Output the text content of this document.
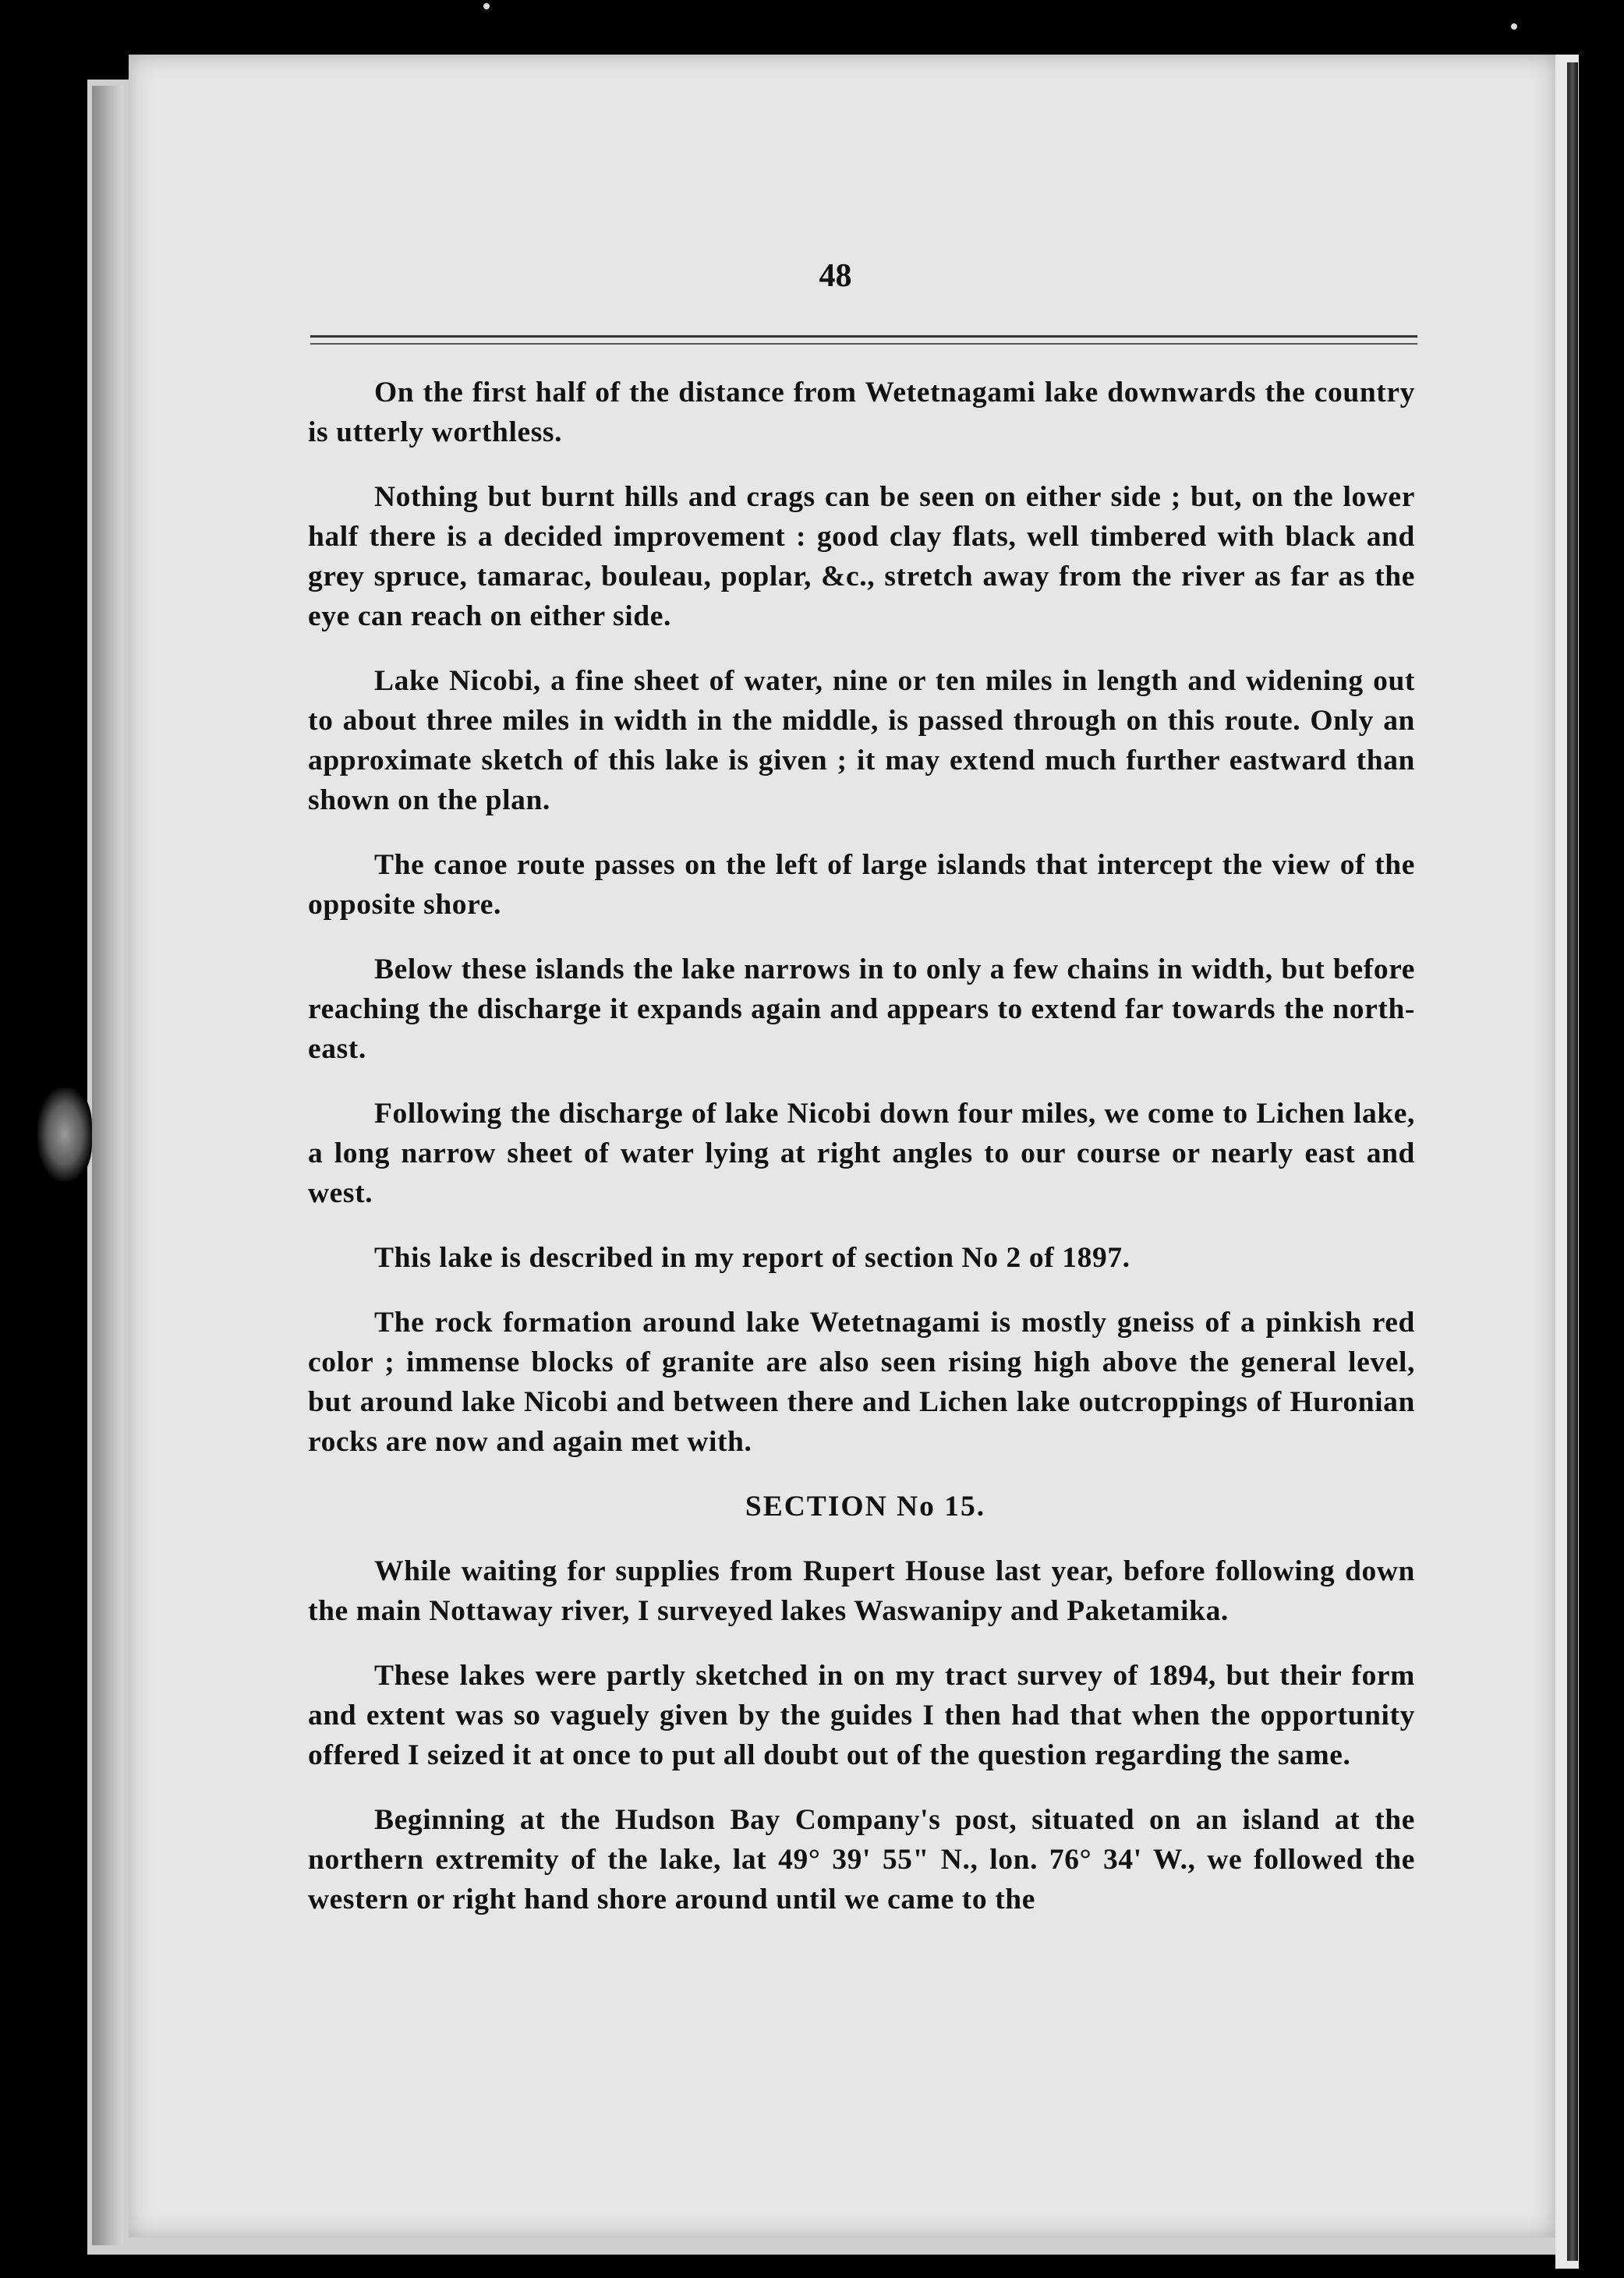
48

On the first half of the distance from Wetetnagami lake downwards the country is utterly worthless.

Nothing but burnt hills and crags can be seen on either side ; but, on the lower half there is a decided improvement : good clay flats, well timbered with black and grey spruce, tamarac, bouleau, poplar, &c., stretch away from the river as far as the eye can reach on either side.

Lake Nicobi, a fine sheet of water, nine or ten miles in length and widening out to about three miles in width in the middle, is passed through on this route. Only an approximate sketch of this lake is given ; it may extend much further eastward than shown on the plan.

The canoe route passes on the left of large islands that intercept the view of the opposite shore.

Below these islands the lake narrows in to only a few chains in width, but before reaching the discharge it expands again and appears to extend far towards the north-east.

Following the discharge of lake Nicobi down four miles, we come to Lichen lake, a long narrow sheet of water lying at right angles to our course or nearly east and west.

This lake is described in my report of section No 2 of 1897.

The rock formation around lake Wetetnagami is mostly gneiss of a pinkish red color ; immense blocks of granite are also seen rising high above the general level, but around lake Nicobi and between there and Lichen lake outcroppings of Huronian rocks are now and again met with.

SECTION No 15.

While waiting for supplies from Rupert House last year, before following down the main Nottaway river, I surveyed lakes Waswanipy and Paketamika.

These lakes were partly sketched in on my tract survey of 1894, but their form and extent was so vaguely given by the guides I then had that when the opportunity offered I seized it at once to put all doubt out of the question regarding the same.

Beginning at the Hudson Bay Company's post, situated on an island at the northern extremity of the lake, lat 49° 39' 55" N., lon. 76° 34' W., we followed the western or right hand shore around until we came to the
